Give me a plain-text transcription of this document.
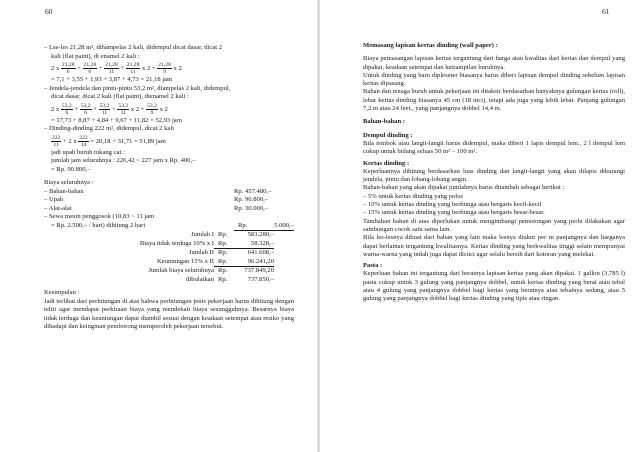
60

– Les-les 21,28 m², dihampelas 2 kali, didempul dicat dasar, dicat 2

kali (flat paint), di enamel 2 kali :

2 x $\frac{21,28}{6} + \frac{21,28}{6} + \frac{21,28}{11} + \frac{21,28}{11}$ x $2 + \frac{21,28}{9}$ x 2

= 7,1 + 3,55 + 1,93 + 3,87 + 4,73 = 21,18 jam

– Jendela-jendela dan pintu-pintu 53,2 m², diampelas 2 kali, didempul,

dicat dasar, dicat 2 kali (flat paint), dienamel 2 kali :

2 x $\frac{53,2}{6} + \frac{53,2}{6} + \frac{53,2}{11} + \frac{53,2}{11}$ x $2 + \frac{53,2}{9}$ x 2

= 17,73 + 8,87 + 4,84 + 9,67 + 11,82 = 52,93 jam

– Dinding-dinding 222 m², didempul, dicat 2 kali

$\frac{222}{11} + 2$ x $\frac{222}{14} = 20,18 + 31,71 = 51,89$ jam

jadi upah buruh tukang cat :

jumlah jam seluruhnya : 226,42 ~ 227 jam x Rp. 400,–

= Rp. 90.800,–

Biaya seluruhnya :

– Bahan-bahan	Rp. 457.480,–
– Upah	Rp. 90.800,–
– Alat-alat	Rp. 30.000,–

– Sewa mesin penggosok (10,83 ~ 11 jam

= Rp. 2.500,– / hari) dihitung 2 hari	Rp.	5.000,–
Jumlah I Rp.	583.280,–
Biaya tidak terduga 10% x I Rp.	58.328,–
Jumlah II Rp.	641.608,–
Keuntungan 15% x II Rp.	96.241,20
Jumlah biaya seluruhnya Rp.	737.849,20
dibulatkan Rp.	737.850,–

Kesimpulan :

Jadi terlihat dari perhitungan di atas bahwa perhitungan jenis pekerjaan harus dihitung dengan teliti agar mendapat perkiraan biaya yang mendekati biaya sesungguhnya. Besarnya biaya tidak terduga dan keuntungan dapat diambil sesuai dengan keadaan setempat atau resiko yang dihadapi dan keinginan pemborong memperoleh pekerjaan tersebut.

61

Memasang lapisan kertas dinding (wall paper) :

Biaya pemasangan lapisan kertas tergantung dari harga atau kwalitas dari kertas dan dempul yang dipakai, keadaan setempat dan ketrampilan buruhnya.

Untuk dinding yang baru dipleseter biasanya harus diberi lapisan dempul dinding sebelum lapisan kertas dipasang.

Bahan dan tenaga buruh untuk pekerjaan ini ditaksir berdasarkan banyaknya gulungan kertas (roll), lebar kertas dinding biasanya 45 cm (18 inci), tetapi ada juga yang lebih lebar. Panjang gulungan 7,2 m atau 24 feet., yang panjangnya dobbel 14,4 m.

Bahan-bahan :

Dempul dinding :

Bila tembok atau langit-langit harus didempul, maka diberi 1 lapis dempul lem., 2 l dempul lem cukup untuk bidang seluas 50 m² – 100 m².

Kertas dinding :

Keperluannya dihitung berdasarkan luas dinding dan langit-langit yang akan dilapis dikurangi jendela, pintu dan lobang-lobang angin.

Bahan-bahan yang akan dipakai jumlahnya harus ditambah sebagai berikut :

– 5% untuk kertas dinding yang polos

– 10% untuk kertas dinding yang berbunga atau bergaris kecil-kecil

– 15% untuk kertas dinding yang berbunga atau bergaris besar-besar.

Tambahan bahan di atas diperlukan untuk mengimbangi pemotongan yang perlu dilakukan agar sambungan cocok satu sama lain.

Bila les-lesnya dibuat dari bahan yang lain maka lesnya diukur per m panjangnya dan harganya dapat berlainan tergantung kwalitasnya. Kertas dinding yang berkwalitas tinggi selain mempunyai warna-warna yang indah juga dapat dicuci agar selalu bersih dari kotoran yang melekat.

Pasta :

Keperluan bahan ini tergantung dari beratnya lapisan kertas yang akan dipakai. 1 gallon (3,785 l) pasta cukup untuk 3 gulung yang panjangnya dobbel, untuk kertas dinding yang berat atau tebal atau 4 gulung yang panjangnya dobbel bagi kertas yang beratnya atau tebalnya sedang, atau 5 gulung yang panjangnya dobbel bagi kertas dinding yang tipis atau ringan.
